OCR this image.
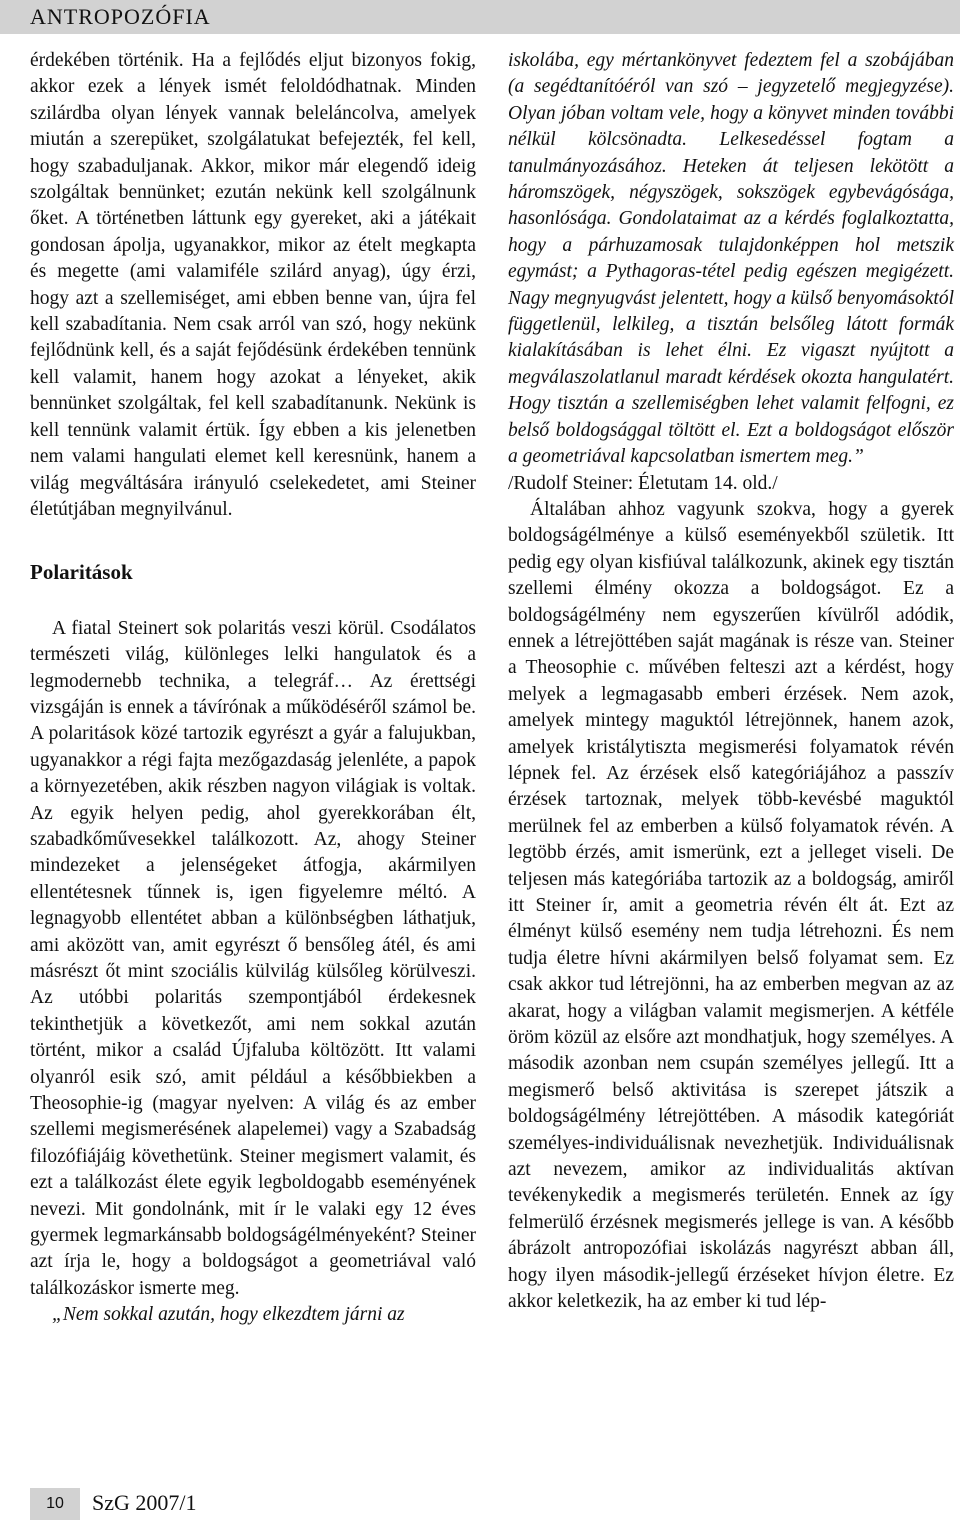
ANTROPOZÓFIA

érdekében történik. Ha a fejlődés eljut bizonyos fokig, akkor ezek a lények ismét feloldódhatnak. Minden szilárdba olyan lények vannak beleláncolva, amelyek miután a szerepüket, szolgálatukat befejezték, fel kell, hogy szabaduljanak. Akkor, mikor már elegendő ideig szolgáltak bennünket; ezután nekünk kell szolgálnunk őket. A történetben láttunk egy gyereket, aki a játékait gondosan ápolja, ugyanakkor, mikor az ételt megkapta és megette (ami valamiféle szilárd anyag), úgy érzi, hogy azt a szellemiséget, ami ebben benne van, újra fel kell szabadítania. Nem csak arról van szó, hogy nekünk fejlődnünk kell, és a saját fejődésünk érdekében tennünk kell valamit, hanem hogy azokat a lényeket, akik bennünket szolgáltak, fel kell szabadítanunk. Nekünk is kell tennünk valamit értük. Így ebben a kis jelenetben nem valami hangulati elemet kell keresnünk, hanem a világ megváltására irányuló cselekedetet, ami Steiner életútjában megnyilvánul.

Polaritások

A fiatal Steinert sok polaritás veszi körül. Csodálatos természeti világ, különleges lelki hangulatok és a legmodernebb technika, a telegráf… Az érettségi vizsgáján is ennek a távírónak a működéséről számol be. A polaritások közé tartozik egyrészt a gyár a falujukban, ugyanakkor a régi fajta mezőgazdaság jelenléte, a papok a környezetében, akik részben nagyon világiak is voltak. Az egyik helyen pedig, ahol gyerekkorában élt, szabadkőművesekkel találkozott. Az, ahogy Steiner mindezeket a jelenségeket átfogja, akármilyen ellentétesnek tűnnek is, igen figyelemre méltó. A legnagyobb ellentétet abban a különbségben láthatjuk, ami aközött van, amit egyrészt ő bensőleg átél, és ami másrészt őt mint szociális külvilág külsőleg körülveszi. Az utóbbi polaritás szempontjából érdekesnek tekinthetjük a következőt, ami nem sokkal azután történt, mikor a család Újfaluba költözött. Itt valami olyanról esik szó, amit például a későbbiekben a Theosophie-ig (magyar nyelven: A világ és az ember szellemi megismerésének alapelemei) vagy a Szabadság filozófiájáig követhetünk. Steiner megismert valamit, és ezt a találkozást élete egyik legboldogabb eseményének nevezi. Mit gondolnánk, mit ír le valaki egy 12 éves gyermek legmarkánsabb boldogságélményeként? Steiner azt írja le, hogy a boldogságot a geometriával való találkozáskor ismerte meg.

„Nem sokkal azután, hogy elkezdtem járni az

iskolába, egy mértankönyvet fedeztem fel a szobájában (a segédtanítóéról van szó – jegyzetelő megjegyzése). Olyan jóban voltam vele, hogy a könyvet minden további nélkül kölcsönadta. Lelkesedéssel fogtam a tanulmányozásához. Heteken át teljesen lekötött a háromszögek, négyszögek, sokszögek egybevágósága, hasonlósága. Gondolataimat az a kérdés foglalkoztatta, hogy a párhuzamosak tulajdonképpen hol metszik egymást; a Pythagoras-tétel pedig egészen megigézett. Nagy megnyugvást jelentett, hogy a külső benyomásoktól függetlenül, lelkileg, a tisztán belsőleg látott formák kialakításában is lehet élni. Ez vigaszt nyújtott a megválaszolatlanul maradt kérdések okozta hangulatért. Hogy tisztán a szellemiségben lehet valamit felfogni, ez belső boldogsággal töltött el. Ezt a boldogságot először a geometriával kapcsolatban ismertem meg.”

/Rudolf Steiner: Életutam 14. old./

Általában ahhoz vagyunk szokva, hogy a gyerek boldogságélménye a külső eseményekből születik. Itt pedig egy olyan kisfiúval találkozunk, akinek egy tisztán szellemi élmény okozza a boldogságot. Ez a boldogságélmény nem egyszerűen kívülről adódik, ennek a létrejöttében saját magának is része van. Steiner a Theosophie c. művében felteszi azt a kérdést, hogy melyek a legmagasabb emberi érzések. Nem azok, amelyek mintegy maguktól létrejönnek, hanem azok, amelyek kristálytiszta megismerési folyamatok révén lépnek fel. Az érzések első kategóriájához a passzív érzések tartoznak, melyek több-kevésbé maguktól merülnek fel az emberben a külső folyamatok révén. A legtöbb érzés, amit ismerünk, ezt a jelleget viseli. De teljesen más kategóriába tartozik az a boldogság, amiről itt Steiner ír, amit a geometria révén élt át. Ezt az élményt külső esemény nem tudja létrehozni. És nem tudja életre hívni akármilyen belső folyamat sem. Ez csak akkor tud létrejönni, ha az emberben megvan az az akarat, hogy a világban valamit megismerjen. A kétféle öröm közül az elsőre azt mondhatjuk, hogy személyes. A második azonban nem csupán személyes jellegű. Itt a megismerő belső aktivitása is szerepet játszik a boldogságélmény létrejöttében. A második kategóriát személyes-individuálisnak nevezhetjük. Individuálisnak azt nevezem, amikor az individualitás aktívan tevékenykedik a megismerés területén. Ennek az így felmerülő érzésnek megismerés jellege is van. A később ábrázolt antropozófiai iskolázás nagyrészt abban áll, hogy ilyen második-jellegű érzéseket hívjon életre. Ez akkor keletkezik, ha az ember ki tud lép-

10	SzG 2007/1
